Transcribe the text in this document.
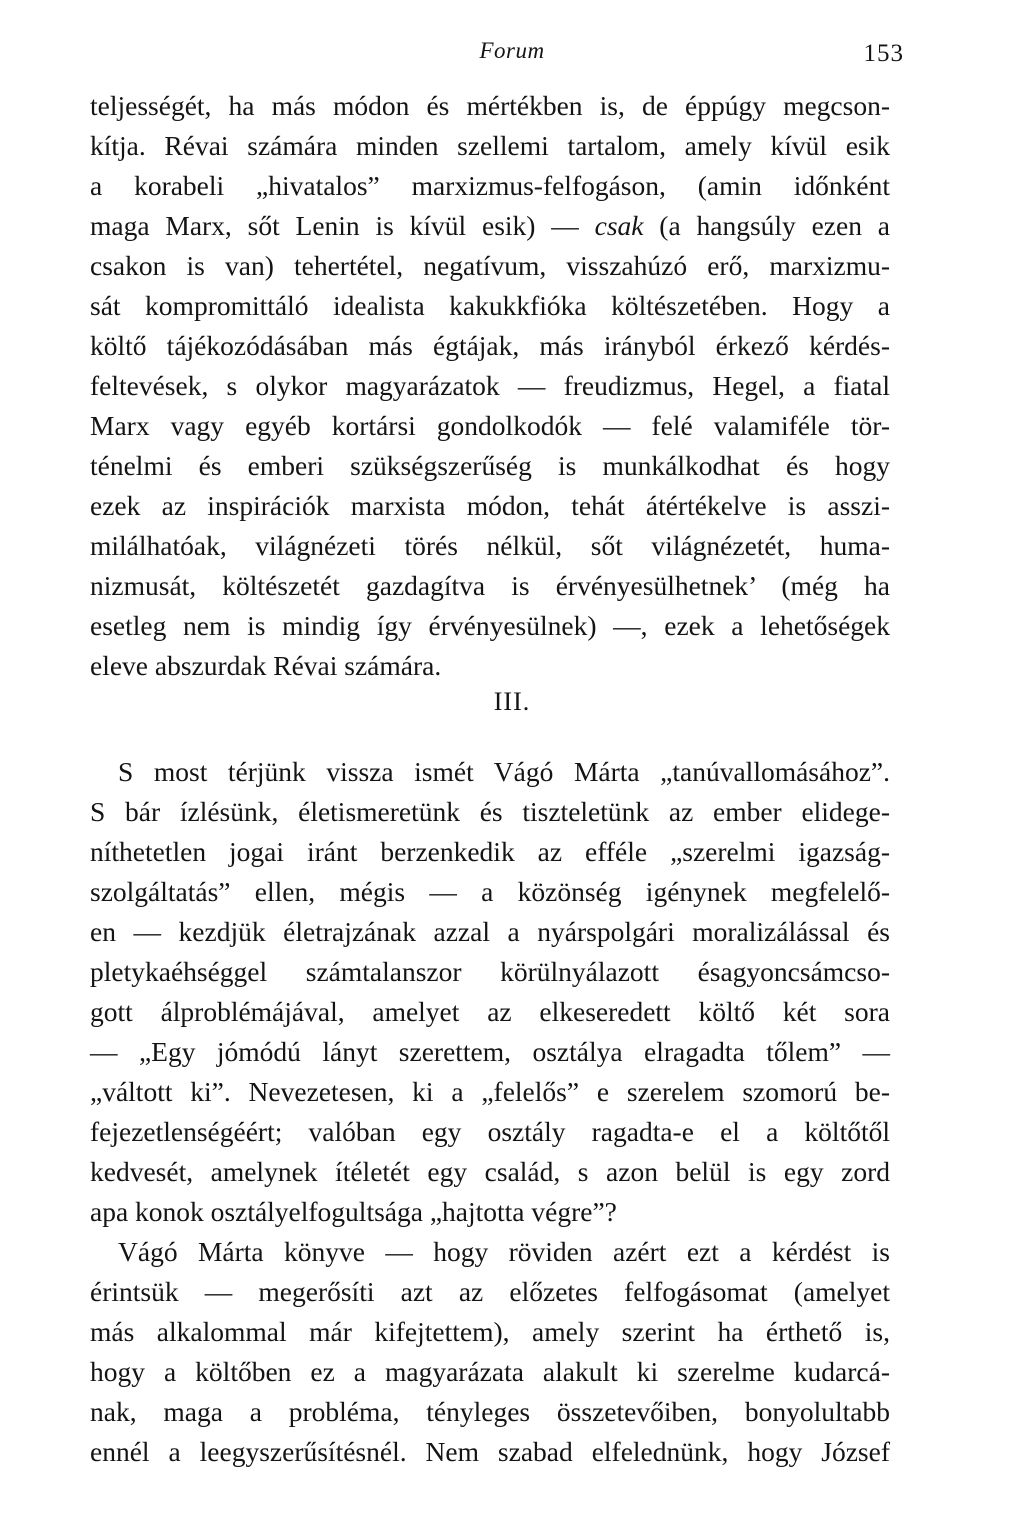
Forum	153
teljességét, ha más módon és mértékben is, de éppúgy megcson-
kítja. Révai számára minden szellemi tartalom, amely kívül esik
a korabeli „hivatalos” marxizmus-felfogáson, (amin időnként
maga Marx, sőt Lenin is kívül esik) — csak (a hangsúly ezen a
csakon is van) tehertétel, negatívum, visszahúzó erő, marxizmu-
sát kompromittáló idealista kakukkfióka költészetében. Hogy a
költő tájékozódásában más égtájak, más irányból érkező kérdés-
feltevések, s olykor magyarázatok — freudizmus, Hegel, a fiatal
Marx vagy egyéb kortársi gondolkodók — felé valamiféle tör-
ténelmi és emberi szükségszerűség is munkálkodhat és hogy
ezek az inspirációk marxista módon, tehát átértékelve is asszi-
milálhatóak, világnézeti törés nélkül, sőt világnézetét, huma-
nizmusát, költészetét gazdagítva is érvényesülhetnek’ (még ha
esetleg nem is mindig így érvényesülnek) —, ezek a lehetőségek
eleve abszurdak Révai számára.
III.
S most térjünk vissza ismét Vágó Márta „tanúvallomásához”.
S bár ízlésünk, életismeretünk és tiszteletünk az ember elidege-
níthetetlen jogai iránt berzenkedik az efféle „szerelmi igazság-
szolgáltatás” ellen, mégis — a közönség igénynek megfelelő-
en — kezdjük életrajzának azzal a nyárspolgári moralizálással és
pletykaéhséggel számtalanszor körülnyálazott ésagyoncsámcso-
gott álproblémájával, amelyet az elkeseredett költő két sora
— „Egy jómódú lányt szerettem, osztálya elragadta tőlem” —
„váltott ki”. Nevezetesen, ki a „felelős” e szerelem szomorú be-
fejezetlenségéért; valóban egy osztály ragadta-e el a költőtől
kedvesét, amelynek ítéletét egy család, s azon belül is egy zord
apa konok osztályelfogultsága „hajtotta végre”?
Vágó Márta könyve — hogy röviden azért ezt a kérdést is
érintsük — megerősíti azt az előzetes felfogásomat (amelyet
más alkalommal már kifejtettem), amely szerint ha érthető is,
hogy a költőben ez a magyarázata alakult ki szerelme kudarcá-
nak, maga a probléma, tényleges összetevőiben, bonyolultabb
ennél a leegyszerűsítésnél. Nem szabad elfelednünk, hogy József
